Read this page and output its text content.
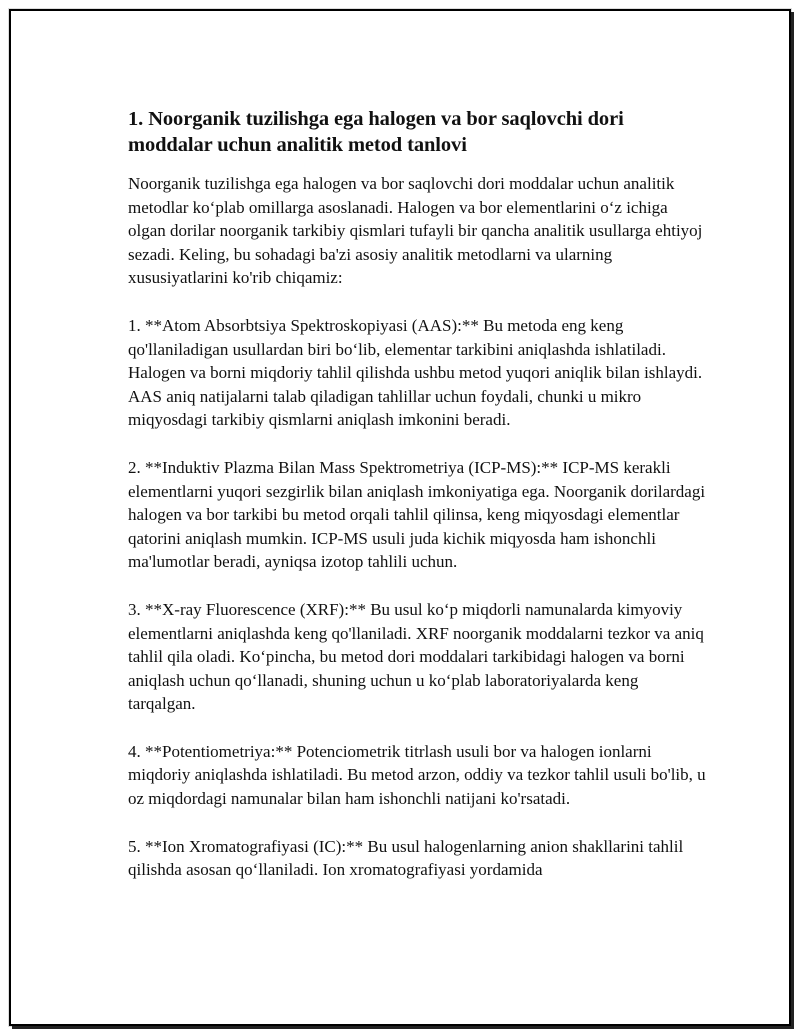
1. Noorganik tuzilishga ega halogen va bor saqlovchi dori moddalar uchun analitik metod tanlovi

Noorganik tuzilishga ega halogen va bor saqlovchi dori moddalar uchun analitik metodlar ko‘plab omillarga asoslanadi. Halogen va bor elementlarini o‘z ichiga olgan dorilar noorganik tarkibiy qismlari tufayli bir qancha analitik usullarga ehtiyoj sezadi. Keling, bu sohadagi ba'zi asosiy analitik metodlarni va ularning xususiyatlarini ko'rib chiqamiz:

1. **Atom Absorbtsiya Spektroskopiyasi (AAS):** Bu metoda eng keng qo'llaniladigan usullardan biri bo‘lib, elementar tarkibini aniqlashda ishlatiladi. Halogen va borni miqdoriy tahlil qilishda ushbu metod yuqori aniqlik bilan ishlaydi. AAS aniq natijalarni talab qiladigan tahlillar uchun foydali, chunki u mikro miqyosdagi tarkibiy qismlarni aniqlash imkonini beradi.

2. **Induktiv Plazma Bilan Mass Spektrometriya (ICP-MS):** ICP-MS kerakli elementlarni yuqori sezgirlik bilan aniqlash imkoniyatiga ega. Noorganik dorilardagi halogen va bor tarkibi bu metod orqali tahlil qilinsa, keng miqyosdagi elementlar qatorini aniqlash mumkin. ICP-MS usuli juda kichik miqyosda ham ishonchli ma'lumotlar beradi, ayniqsa izotop tahlili uchun.

3. **X-ray Fluorescence (XRF):** Bu usul ko‘p miqdorli namunalarda kimyoviy elementlarni aniqlashda keng qo'llaniladi. XRF noorganik moddalarni tezkor va aniq tahlil qila oladi. Ko‘pincha, bu metod dori moddalari tarkibidagi halogen va borni aniqlash uchun qo‘llanadi, shuning uchun u ko‘plab laboratoriyalarda keng tarqalgan.

4. **Potentiometriya:** Potenciometrik titrlash usuli bor va halogen ionlarni miqdoriy aniqlashda ishlatiladi. Bu metod arzon, oddiy va tezkor tahlil usuli bo'lib, u oz miqdordagi namunalar bilan ham ishonchli natijani ko'rsatadi.

5. **Ion Xromatografiyasi (IC):** Bu usul halogenlarning anion shakllarini tahlil qilishda asosan qo‘llaniladi. Ion xromatografiyasi yordamida
